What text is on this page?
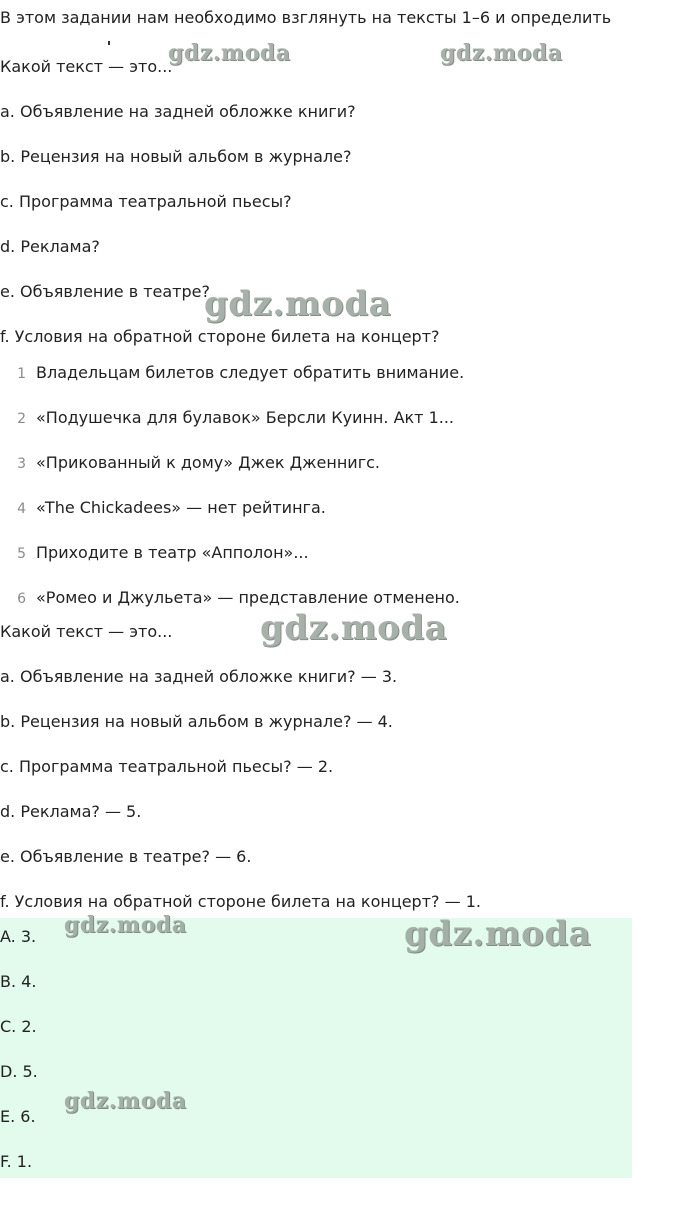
В этом задании нам необходимо взглянуть на тексты 1–6 и определить
Какой текст — это...
a. Объявление на задней обложке книги?
b. Рецензия на новый альбом в журнале?
c. Программа театральной пьесы?
d. Реклама?
e. Объявление в театре?
f. Условия на обратной стороне билета на концерт?
1 Владельцам билетов следует обратить внимание.
2 «Подушечка для булавок» Берсли Куинн. Акт 1...
3 «Прикованный к дому» Джек Дженнигс.
4 «The Chickadees» — нет рейтинга.
5 Приходите в театр «Апполон»...
6 «Ромео и Джульета» — представление отменено.
Какой текст — это...
a. Объявление на задней обложке книги? — 3.
b. Рецензия на новый альбом в журнале? — 4.
c. Программа театральной пьесы? — 2.
d. Реклама? — 5.
e. Объявление в театре? — 6.
f. Условия на обратной стороне билета на концерт? — 1.
A. 3.
B. 4.
C. 2.
D. 5.
E. 6.
F. 1.
gdz.moda	gdz.moda
gdz.moda
gdz.moda
gdz.moda	gdz.moda
gdz.moda
